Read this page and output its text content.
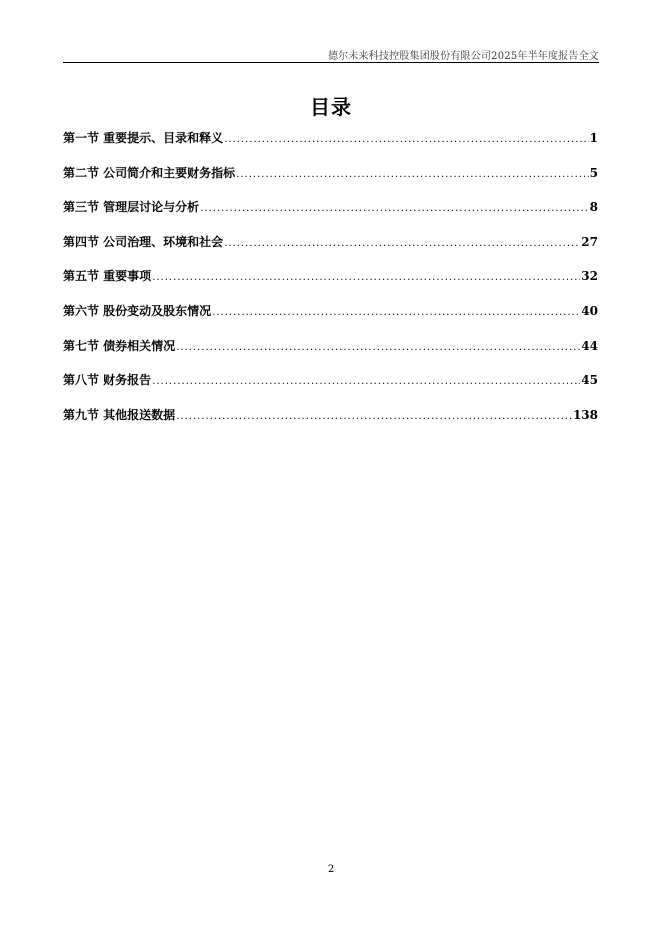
德尔未来科技控股集团股份有限公司2025年半年度报告全文
目录
第一节 重要提示、目录和释义 .....	1
第二节 公司简介和主要财务指标 .....	5
第三节 管理层讨论与分析 .....	8
第四节 公司治理、环境和社会 .....	27
第五节 重要事项 .....	32
第六节 股份变动及股东情况 .....	40
第七节 债券相关情况 .....	44
第八节 财务报告 .....	45
第九节 其他报送数据 .....	138
2
